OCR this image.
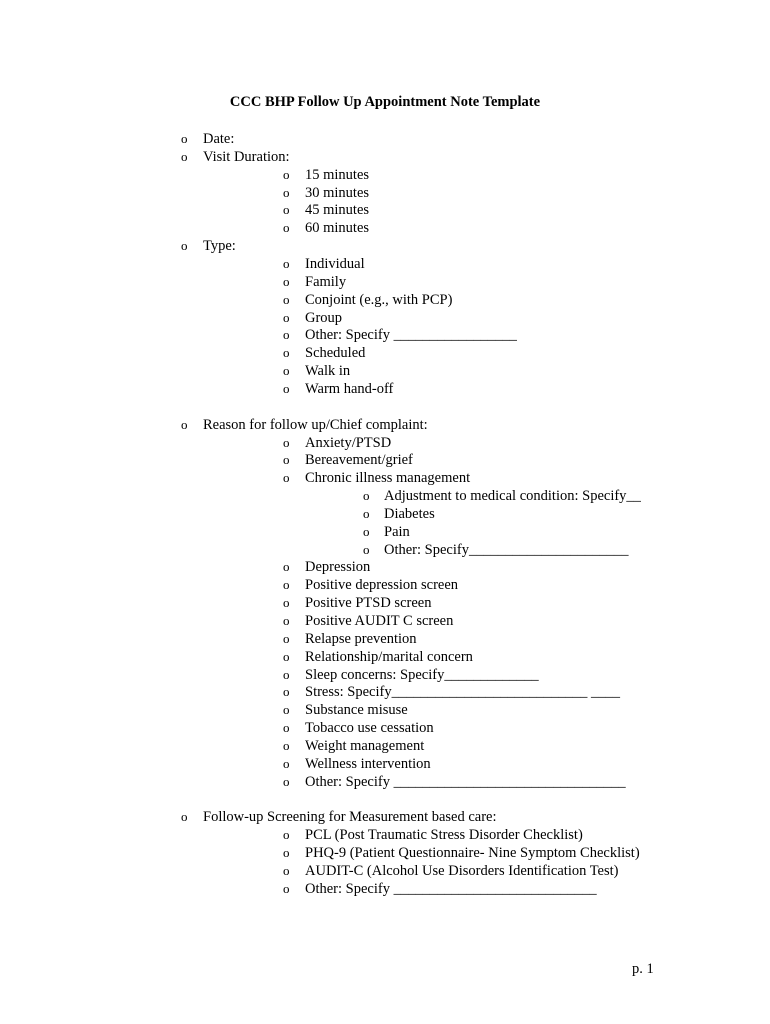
CCC BHP Follow Up Appointment Note Template
o Date:
o Visit Duration:
o 15 minutes
o 30 minutes
o 45 minutes
o 60 minutes
o Type:
o Individual
o Family
o Conjoint (e.g., with PCP)
o Group
o Other: Specify _________________
o Scheduled
o Walk in
o Warm hand-off
o Reason for follow up/Chief complaint:
o Anxiety/PTSD
o Bereavement/grief
o Chronic illness management
o Adjustment to medical condition: Specify__
o Diabetes
o Pain
o Other: Specify______________________
o Depression
o Positive depression screen
o Positive PTSD screen
o Positive AUDIT C screen
o Relapse prevention
o Relationship/marital concern
o Sleep concerns: Specify_____________
o Stress: Specify___________________________ ____
o Substance misuse
o Tobacco use cessation
o Weight management
o Wellness intervention
o Other: Specify ________________________________
o Follow-up Screening for Measurement based care:
o PCL (Post Traumatic Stress Disorder Checklist)
o PHQ-9 (Patient Questionnaire- Nine Symptom Checklist)
o AUDIT-C (Alcohol Use Disorders Identification Test)
o Other: Specify ____________________________
p. 1
